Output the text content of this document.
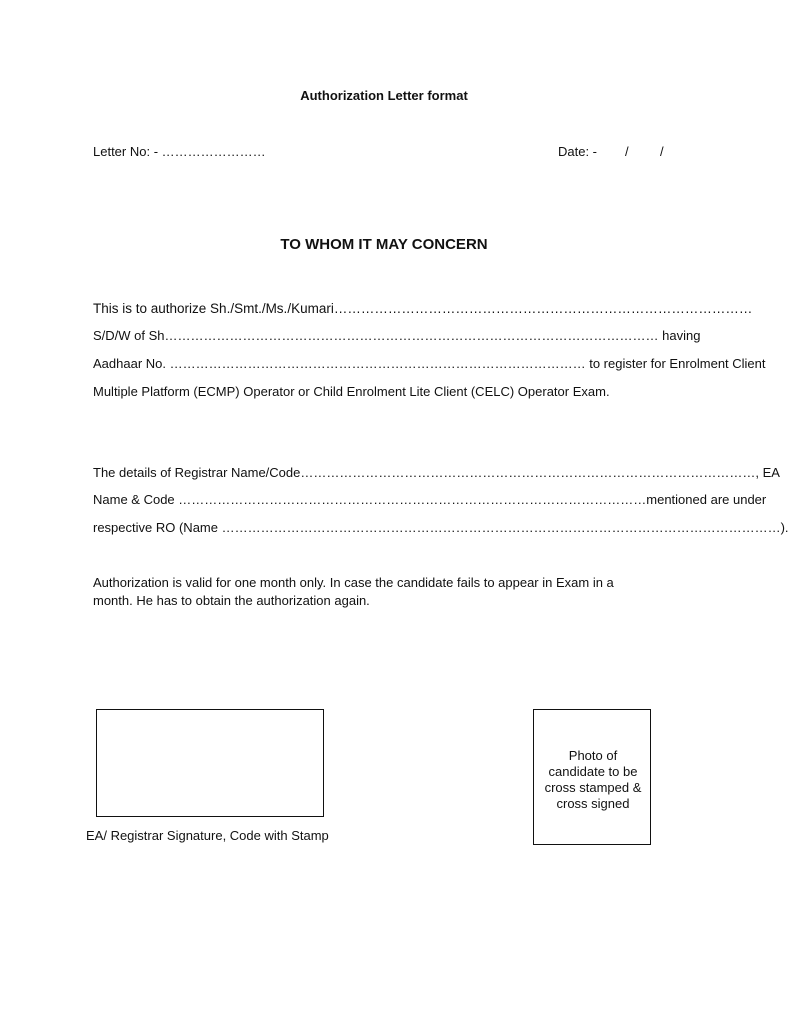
Authorization Letter format
Letter No: - ……………………	Date: - / /
TO WHOM IT MAY CONCERN
This is to authorize Sh./Smt./Ms./Kumari…………………………………………………………………………………
S/D/W of Sh…………………………………………………………………………………………………… having
Aadhaar No. …………………………………………………………………………………… to register for Enrolment Client
Multiple Platform (ECMP) Operator or Child Enrolment Lite Client (CELC) Operator Exam.
The details of Registrar Name/Code……………………………………………………………………………………………, EA
Name & Code ………………………………………………………………………………………………mentioned are under
respective RO (Name …………………………………………………………………………………………………………………).
Authorization is valid for one month only. In case the candidate fails to appear in Exam in a month. He has to obtain the authorization again.
EA/ Registrar Signature, Code with Stamp
Photo of
candidate to be
cross stamped &
cross signed
